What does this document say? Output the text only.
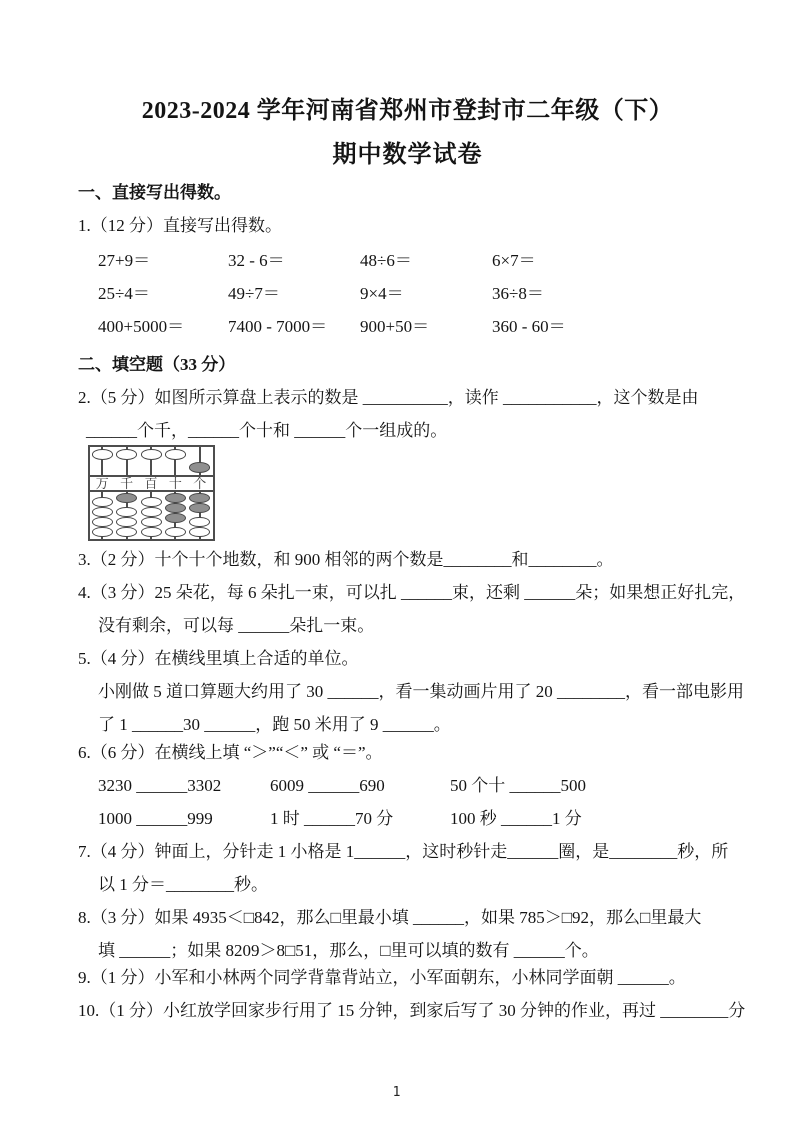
2023-2024 学年河南省郑州市登封市二年级（下）
期中数学试卷
一、直接写出得数。
1.（12 分）直接写出得数。
27+9＝	32 - 6＝	48÷6＝	6×7＝
25÷4＝	49÷7＝	9×4＝	36÷8＝
400+5000＝	7400 - 7000＝	900+50＝	360 - 60＝
二、填空题（33 分）
2.（5 分）如图所示算盘上表示的数是 __________，读作 ___________，这个数是由
______个千，______个十和 ______个一组成的。
万 千 百 十 个
3.（2 分）十个十个地数，和 900 相邻的两个数是________和________。
4.（3 分）25 朵花，每 6 朵扎一束，可以扎 ______束，还剩 ______朵；如果想正好扎完，
没有剩余，可以每 ______朵扎一束。
5.（4 分）在横线里填上合适的单位。
小刚做 5 道口算题大约用了 30 ______，看一集动画片用了 20 ________，看一部电影用
了 1 ______30 ______，跑 50 米用了 9 ______。
6.（6 分）在横线上填 “＞”“＜” 或 “＝”。
3230 ______3302	6009 ______690	50 个十 ______500
1000 ______999	1 时 ______70 分	100 秒 ______1 分
7.（4 分）钟面上，分针走 1 小格是 1______，这时秒针走______圈，是________秒，所
以 1 分＝________秒。
8.（3 分）如果 4935＜□842，那么□里最小填 ______，如果 785＞□92，那么□里最大
填 ______；如果 8209＞8□51，那么，□里可以填的数有 ______个。
9.（1 分）小军和小林两个同学背靠背站立，小军面朝东，小林同学面朝 ______。
10.（1 分）小红放学回家步行用了 15 分钟，到家后写了 30 分钟的作业，再过 ________分
1
